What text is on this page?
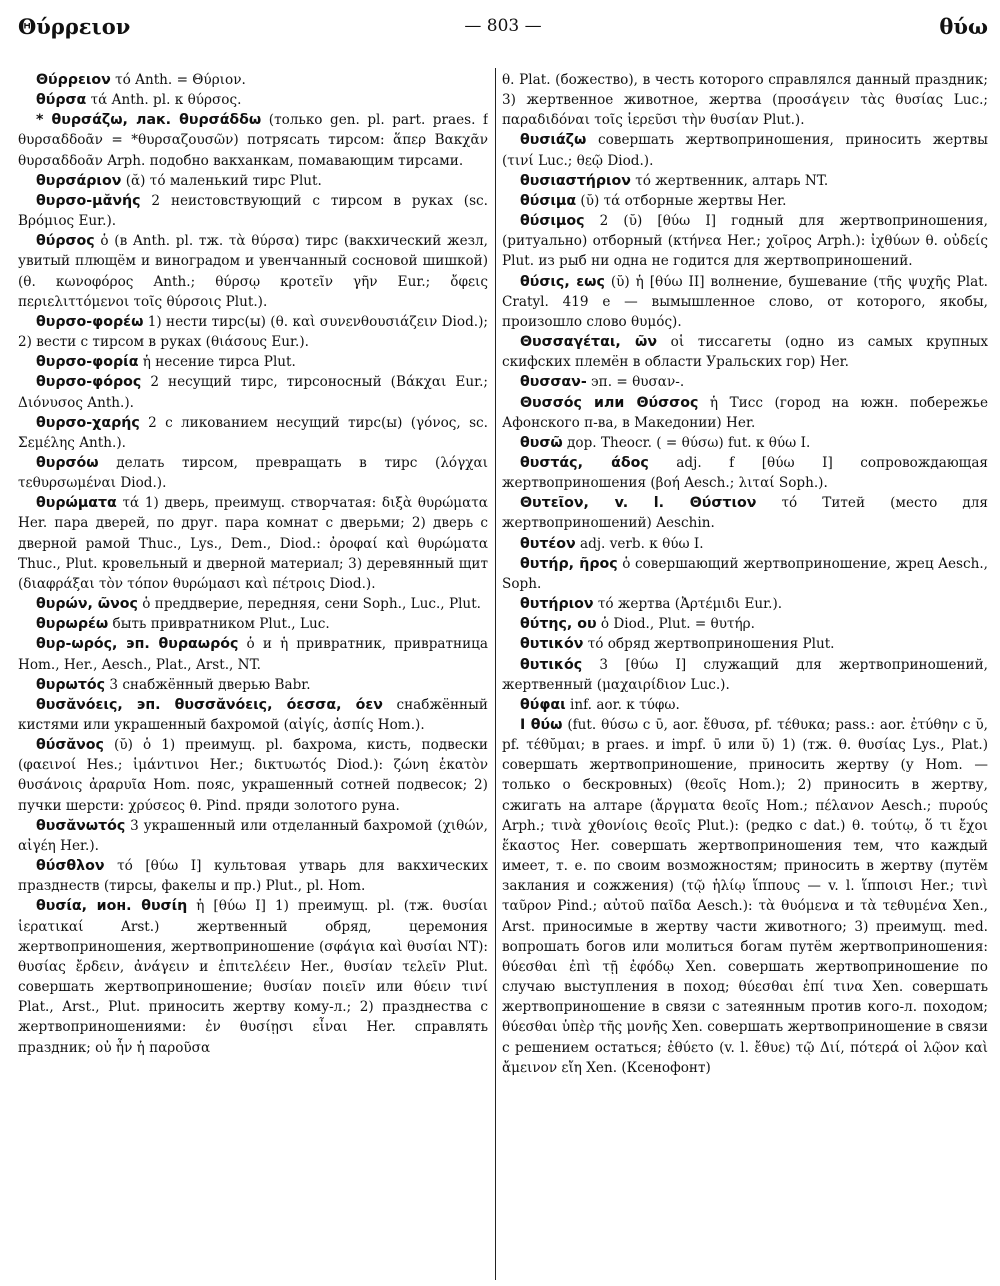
Θύρρειον	— 803 —	θύω

Θύρρειον τό Anth. = Θύριον.

θύρσα τά Anth. pl. к θύρσος.

* θυρσάζω, лак. θυρσάδδω (только gen. pl. part. praes. f θυρσαδδοᾶν = *θυρσαζουσῶν) потрясать тирсом: ἅπερ Βακχᾶν θυρσαδδοᾶν Arph. подобно вакханкам, помавающим тирсами.

θυρσάριον (ᾰ) τό маленький тирс Plut.

θυρσο-μᾰνής 2 неистовствующий с тирсом в руках (sc. Βρόμιος Eur.).

θύρσος ὁ (в Anth. pl. тж. τὰ θύρσα) тирс (вакхический жезл, увитый плющём и виноградом и увенчанный сосновой шишкой) (θ. κωνοφόρος Anth.; θύρσῳ κροτεῖν γῆν Eur.; ὄφεις περιελιττόμενοι τοῖς θύρσοις Plut.).

θυρσο-φορέω 1) нести тирс(ы) (θ. καὶ συνενθουσιάζειν Diod.); 2) вести с тирсом в руках (θιάσους Eur.).

θυρσο-φορία ἡ несение тирса Plut.

θυρσο-φόρος 2 несущий тирс, тирсоносный (Βάκχαι Eur.; Διόνυσος Anth.).

θυρσο-χαρής 2 с ликованием несущий тирс(ы) (γόνος, sc. Σεμέλης Anth.).

θυρσόω делать тирсом, превращать в тирс (λόγχαι τεθυρσωμέναι Diod.).

θυρώματα τά 1) дверь, преимущ. створчатая: διξὰ θυρώματα Her. пара дверей, по друг. пара комнат с дверьми; 2) дверь с дверной рамой Thuc., Lys., Dem., Diod.: ὀροφαί καὶ θυρώματα Thuc., Plut. кровельный и дверной материал; 3) деревянный щит (διαφράξαι τὸν τόπον θυρώμασι καὶ πέτροις Diod.).

θυρών, ῶνος ὁ преддверие, передняя, сени Soph., Luc., Plut.

θυρωρέω быть привратником Plut., Luc.

θυρ-ωρός, эп. θυραωρός ὁ и ἡ привратник, привратница Hom., Her., Aesch., Plat., Arst., NT.

θυρωτός 3 снабжённый дверью Babr.

θυσᾰνόεις, эп. θυσσᾰνόεις, όεσσα, όεν снабжённый кистями или украшенный бахромой (αἰγίς, ἀσπίς Hom.).

θύσᾰνος (ῠ) ὁ 1) преимущ. pl. бахрома, кисть, подвески (φαεινοί Hes.; ἱμάντινοι Her.; δικτυωτός Diod.): ζώνη ἑκατὸν θυσάνοις ἀραρυῖα Hom. пояс, украшенный сотней подвесок; 2) пучки шерсти: χρύσεος θ. Pind. пряди золотого руна.

θυσᾰνωτός 3 украшенный или отделанный бахромой (χιθών, αἰγέη Her.).

θύσθλον τό [θύω I] культовая утварь для вакхических празднеств (тирсы, факелы и пр.) Plut., pl. Hom.

θυσία, ион. θυσίη ἡ [θύω I] 1) преимущ. pl. (тж. θυσίαι ἱερατικαί Arst.) жертвенный обряд, церемония жертвоприношения, жертвоприношение (σφάγια καὶ θυσίαι NT): θυσίας ἔρδειν, ἀνάγειν и ἐπιτελέειν Her., θυσίαν τελεῖν Plut. совершать жертвоприношение; θυσίαν ποιεῖν или θύειν τινί Plat., Arst., Plut. приносить жертву кому-л.; 2) празднества с жертвоприношениями: ἐν θυσίῃσι εἶναι Her. справлять праздник; οὐ ἦν ἡ παροῦσα

θ. Plat. (божество), в честь которого справлялся данный праздник; 3) жертвенное животное, жертва (προσάγειν τὰς θυσίας Luc.; παραδιδόναι τοῖς ἱερεῦσι τὴν θυσίαν Plut.).

θυσιάζω совершать жертвоприношения, приносить жертвы (τινί Luc.; θεῷ Diod.).

θυσιαστήριον τό жертвенник, алтарь NT.

θύσιμα (ῠ) τά отборные жертвы Her.

θύσιμος 2 (ῠ) [θύω I] годный для жертвоприношения, (ритуально) отборный (κτήνεα Her.; χοῖρος Arph.): ἰχθύων θ. οὐδείς Plut. из рыб ни одна не годится для жертвоприношений.

θύσις, εως (ῠ) ἡ [θύω II] волнение, бушевание (τῆς ψυχῆς Plat. Cratyl. 419 e — вымышленное слово, от которого, якобы, произошло слово θυμός).

Θυσσαγέται, ῶν οἱ тиссагеты (одно из самых крупных скифских племён в области Уральских гор) Her.

θυσσαν- эп. = θυσαν-.

Θυσσός или Θύσσος ἡ Тисс (город на южн. побережье Афонского п-ва, в Македонии) Her.

θυσῶ дор. Theocr. ( = θύσω) fut. к θύω I.

θυστάς, άδος adj. f [θύω I] сопровождающая жертвоприношения (βοή Aesch.; λιταί Soph.).

Θυτεῖον, v. l. Θύστιον τό Титей (место для жертвоприношений) Aeschin.

θυτέον adj. verb. к θύω I.

θυτήρ, ῆρος ὁ совершающий жертвоприношение, жрец Aesch., Soph.

θυτήριον τό жертва (Ἀρτέμιδι Eur.).

θύτης, ου ὁ Diod., Plut. = θυτήρ.

θυτικόν τό обряд жертвоприношения Plut.

θυτικός 3 [θύω I] служащий для жертвоприношений, жертвенный (μαχαιρίδιον Luc.).

θύφαι inf. aor. к τύφω.

I θύω (fut. θύσω с ῡ, aor. ἔθυσα, pf. τέθυκα; pass.: aor. ἐτύθην с ῠ, pf. τέθῠμαι; в praes. и impf. ῡ или ῠ) 1) (тж. θ. θυσίας Lys., Plat.) совершать жертвоприношение, приносить жертву (у Hom. — только о бескровных) (θεοῖς Hom.); 2) приносить в жертву, сжигать на алтаре (ἄργματα θεοῖς Hom.; πέλανον Aesch.; πυρούς Arph.; τινὰ χθονίοις θεοῖς Plut.): (редко с dat.) θ. τούτῳ, ὅ τι ἔχοι ἕκαστος Her. совершать жертвоприношения тем, что каждый имеет, т. е. по своим возможностям; приносить в жертву (путём заклания и сожжения) (τῷ ἡλίῳ ἵππους — v. l. ἵπποισι Her.; τινὶ ταῦρον Pind.; αὐτοῦ παῖδα Aesch.): τὰ θυόμενα и τὰ τεθυμένα Xen., Arst. приносимые в жертву части животного; 3) преимущ. med. вопрошать богов или молиться богам путём жертвоприношения: θύεσθαι ἐπὶ τῇ ἐφόδῳ Xen. совершать жертвоприношение по случаю выступления в поход; θύεσθαι ἐπί τινα Xen. совершать жертвоприношение в связи с затеянным против кого-л. походом; θύεσθαι ὑπὲρ τῆς μονῆς Xen. совершать жертвоприношение в связи с решением остаться; ἐθύετο (v. l. ἔθυε) τῷ Διί, πότερά οἱ λῷον καὶ ἄμεινον εἴη Xen. (Ксенофонт)
